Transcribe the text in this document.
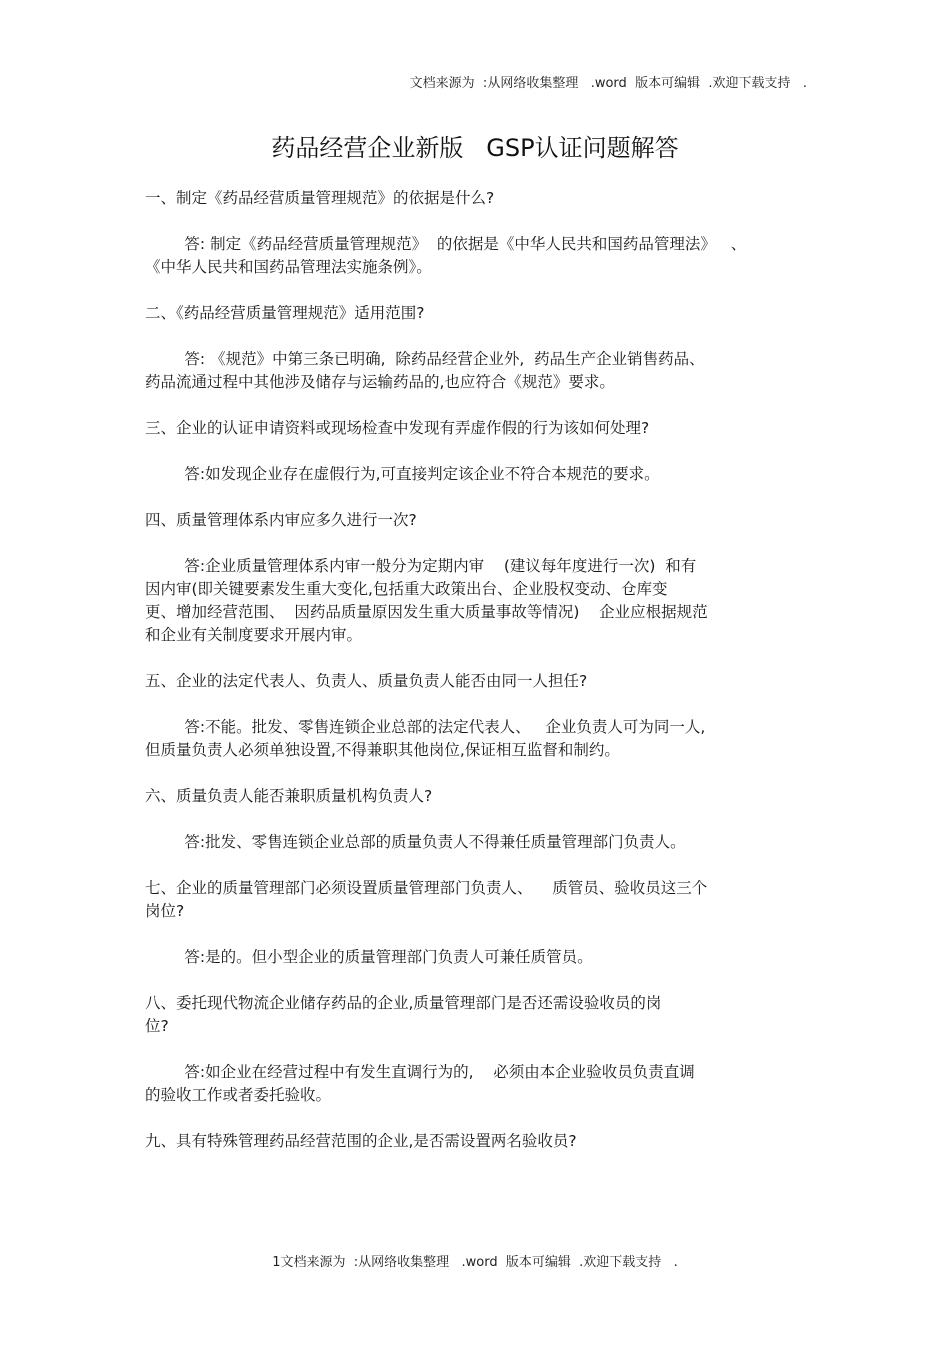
文档来源为  :从网络收集整理   .word  版本可编辑  .欢迎下载支持   .
药品经营企业新版   GSP认证问题解答
一、制定《药品经营质量管理规范》的依据是什么?
答: 制定《药品经营质量管理规范》  的依据是《中华人民共和国药品管理法》   、
《中华人民共和国药品管理法实施条例》。
二、《药品经营质量管理规范》适用范围?
答: 《规范》中第三条已明确,  除药品经营企业外,  药品生产企业销售药品、
药品流通过程中其他涉及储存与运输药品的,也应符合《规范》要求。
三、企业的认证申请资料或现场检查中发现有弄虚作假的行为该如何处理?
答:如发现企业存在虚假行为,可直接判定该企业不符合本规范的要求。
四、质量管理体系内审应多久进行一次?
答:企业质量管理体系内审一般分为定期内审    (建议每年度进行一次)  和有
因内审(即关键要素发生重大变化,包括重大政策出台、企业股权变动、仓库变
更、增加经营范围、  因药品质量原因发生重大质量事故等情况)    企业应根据规范
和企业有关制度要求开展内审。
五、企业的法定代表人、负责人、质量负责人能否由同一人担任?
答:不能。批发、零售连锁企业总部的法定代表人、   企业负责人可为同一人,
但质量负责人必须单独设置,不得兼职其他岗位,保证相互监督和制约。
六、质量负责人能否兼职质量机构负责人?
答:批发、零售连锁企业总部的质量负责人不得兼任质量管理部门负责人。
七、企业的质量管理部门必须设置质量管理部门负责人、    质管员、验收员这三个
岗位?
答:是的。但小型企业的质量管理部门负责人可兼任质管员。
八、委托现代物流企业储存药品的企业,质量管理部门是否还需设验收员的岗
位?
答:如企业在经营过程中有发生直调行为的,    必须由本企业验收员负责直调
的验收工作或者委托验收。
九、具有特殊管理药品经营范围的企业,是否需设置两名验收员?
1文档来源为  :从网络收集整理   .word  版本可编辑  .欢迎下载支持   .
